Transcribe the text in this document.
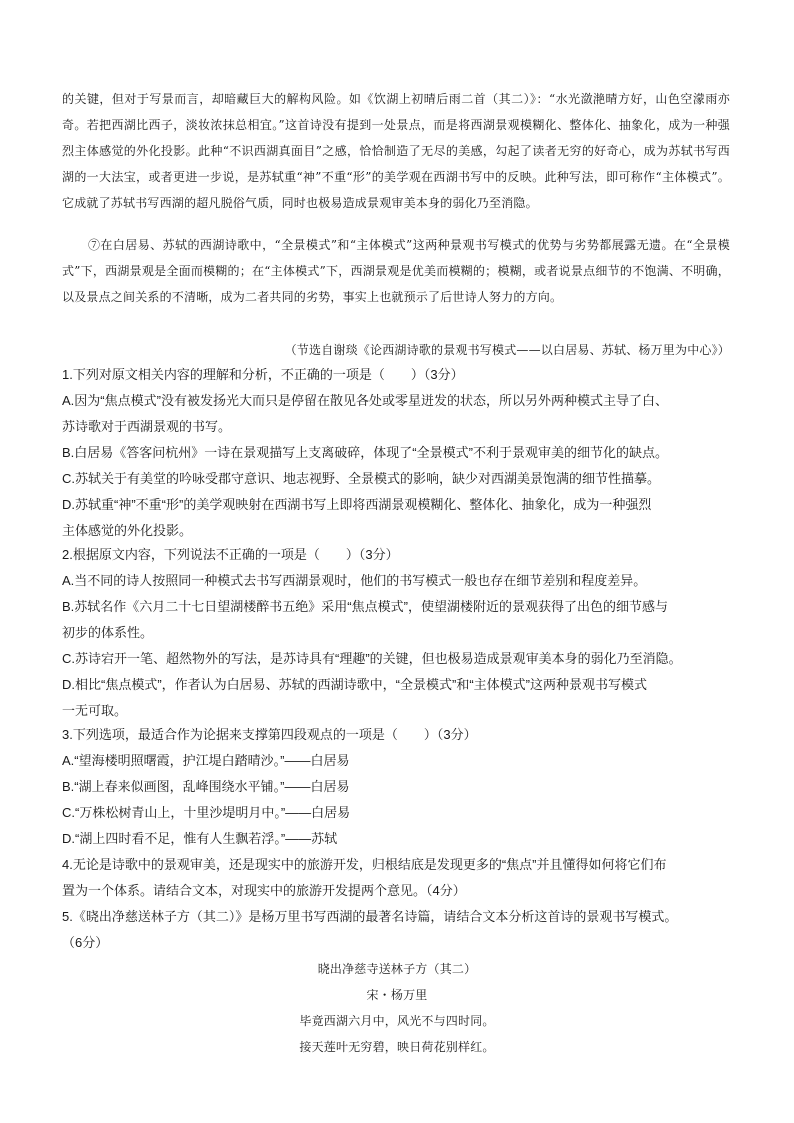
的关键，但对于写景而言，却暗藏巨大的解构风险。如《饮湖上初晴后雨二首（其二）》：“水光潋滟晴方好，山色空濛雨亦奇。若把西湖比西子，淡妆浓抹总相宜。”这首诗没有提到一处景点，而是将西湖景观模糊化、整体化、抽象化，成为一种强烈主体感觉的外化投影。此种“不识西湖真面目”之感，恰恰制造了无尽的美感，勾起了读者无穷的好奇心，成为苏轼书写西湖的一大法宝，或者更进一步说，是苏轼重“神”不重“形”的美学观在西湖书写中的反映。此种写法，即可称作“主体模式”。它成就了苏轼书写西湖的超凡脱俗气质，同时也极易造成景观审美本身的弱化乃至消隐。

⑦在白居易、苏轼的西湖诗歌中，“全景模式”和“主体模式”这两种景观书写模式的优势与劣势都展露无遗。在“全景模式”下，西湖景观是全面而模糊的；在“主体模式”下，西湖景观是优美而模糊的；模糊，或者说景点细节的不饱满、不明确，以及景点之间关系的不清晰，成为二者共同的劣势，事实上也就预示了后世诗人努力的方向。

（节选自谢琰《论西湖诗歌的景观书写模式——以白居易、苏轼、杨万里为中心》）
1.下列对原文相关内容的理解和分析，不正确的一项是（　　）（3分）
A.因为“焦点模式”没有被发扬光大而只是停留在散见各处或零星迸发的状态，所以另外两种模式主导了白、
苏诗歌对于西湖景观的书写。
B.白居易《答客问杭州》一诗在景观描写上支离破碎，体现了“全景模式”不利于景观审美的细节化的缺点。
C.苏轼关于有美堂的吟咏受郡守意识、地志视野、全景模式的影响，缺少对西湖美景饱满的细节性描摹。
D.苏轼重“神”不重“形”的美学观映射在西湖书写上即将西湖景观模糊化、整体化、抽象化，成为一种强烈
主体感觉的外化投影。
2.根据原文内容，下列说法不正确的一项是（　　）（3分）
A.当不同的诗人按照同一种模式去书写西湖景观时，他们的书写模式一般也存在细节差别和程度差异。
B.苏轼名作《六月二十七日望湖楼醉书五绝》采用“焦点模式”，使望湖楼附近的景观获得了出色的细节感与
初步的体系性。
C.苏诗宕开一笔、超然物外的写法，是苏诗具有“理趣”的关键，但也极易造成景观审美本身的弱化乃至消隐。
D.相比“焦点模式”，作者认为白居易、苏轼的西湖诗歌中，“全景模式”和“主体模式”这两种景观书写模式
一无可取。
3.下列选项，最适合作为论据来支撑第四段观点的一项是（　　）（3分）
A.“望海楼明照曙霞，护江堤白踏晴沙。”——白居易
B.“湖上春来似画图，乱峰围绕水平铺。”——白居易
C.“万株松树青山上，十里沙堤明月中。”——白居易
D.“湖上四时看不足，惟有人生飘若浮。”——苏轼
4.无论是诗歌中的景观审美，还是现实中的旅游开发，归根结底是发现更多的“焦点”并且懂得如何将它们布
置为一个体系。请结合文本，对现实中的旅游开发提两个意见。（4分）
5.《晓出净慈送林子方（其二）》是杨万里书写西湖的最著名诗篇，请结合文本分析这首诗的景观书写模式。
（6分）
晓出净慈寺送林子方（其二）
宋・杨万里
毕竟西湖六月中，风光不与四时同。
接天莲叶无穷碧，映日荷花别样红。
